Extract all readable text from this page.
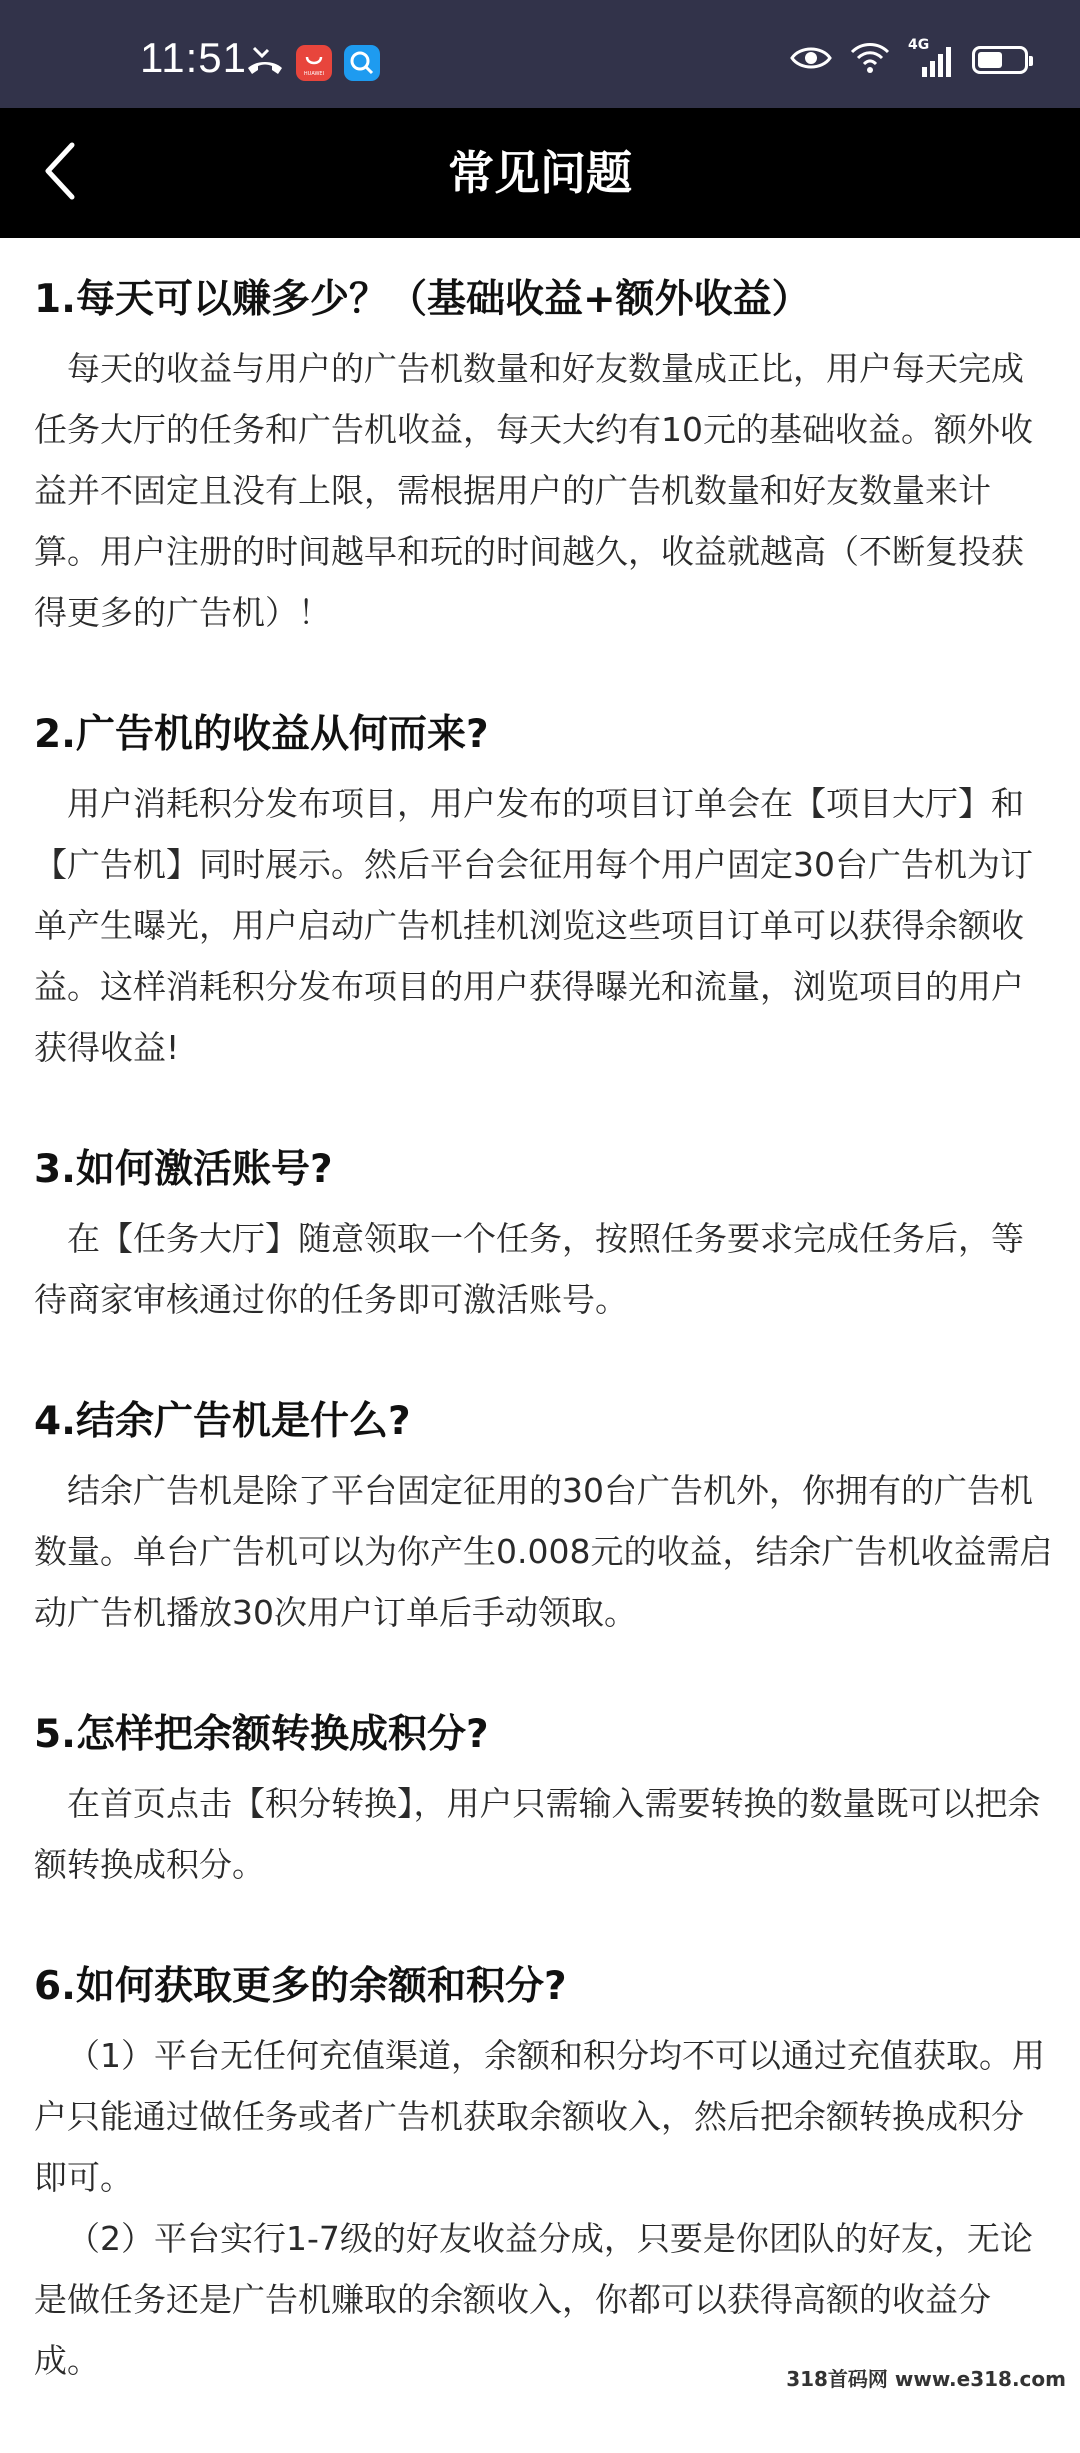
11:51	HUAWEI
4G
常见问题
1.每天可以赚多少？（基础收益+额外收益）

每天的收益与用户的广告机数量和好友数量成正比，用户每天完成任务大厅的任务和广告机收益，每天大约有10元的基础收益。额外收益并不固定且没有上限，需根据用户的广告机数量和好友数量来计算。用户注册的时间越早和玩的时间越久，收益就越高（不断复投获得更多的广告机）！

2.广告机的收益从何而来?

用户消耗积分发布项目，用户发布的项目订单会在【项目大厅】和【广告机】同时展示。然后平台会征用每个用户固定30台广告机为订单产生曝光，用户启动广告机挂机浏览这些项目订单可以获得余额收益。这样消耗积分发布项目的用户获得曝光和流量，浏览项目的用户获得收益!

3.如何激活账号?

在【任务大厅】随意领取一个任务，按照任务要求完成任务后，等待商家审核通过你的任务即可激活账号。

4.结余广告机是什么?

结余广告机是除了平台固定征用的30台广告机外，你拥有的广告机数量。单台广告机可以为你产生0.008元的收益，结余广告机收益需启动广告机播放30次用户订单后手动领取。

5.怎样把余额转换成积分?

在首页点击【积分转换】，用户只需输入需要转换的数量既可以把余额转换成积分。

6.如何获取更多的余额和积分?

（1）平台无任何充值渠道，余额和积分均不可以通过充值获取。用户只能通过做任务或者广告机获取余额收入，然后把余额转换成积分即可。

（2）平台实行1-7级的好友收益分成，只要是你团队的好友，无论是做任务还是广告机赚取的余额收入，你都可以获得高额的收益分成。	318首码网 www.e318.com
